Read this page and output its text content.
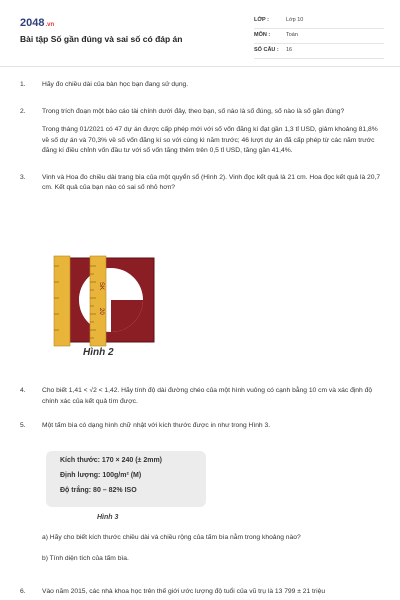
2048.vn
Bài tập Số gần đúng và sai số có đáp án
LỚP :	Lớp 10
MÔN :	Toán
SỐ CÂU : 16
1. Hãy đo chiều dài của bàn học bạn đang sử dụng.

2. Trong trích đoạn một báo cáo tài chính dưới đây, theo bạn, số nào là số đúng, số nào là số gần đúng?

Trong tháng 01/2021 có 47 dự án được cấp phép mới với số vốn đăng kí đạt gần 1,3 tỉ USD, giảm khoảng 81,8% về số dự án và 70,3% về số vốn đăng kí so với cùng kì năm trước; 46 lượt dự án đã cấp phép từ các năm trước đăng kí điều chỉnh vốn đầu tư với số vốn tăng thêm trên 0,5 tỉ USD, tăng gần 41,4%.

3. Vinh và Hoa đo chiều dài trang bìa của một quyển sổ (Hình 2). Vinh đọc kết quả là 21 cm. Hoa đọc kết quả là 20,7 cm. Kết quả của bạn nào có sai số nhỏ hơn?

SK
20
Hình 2
4. Cho biết 1,41 < √2 < 1,42. Hãy tính độ dài đường chéo của một hình vuông có cạnh bằng 10 cm và xác định độ chính xác của kết quả tìm được.

5. Một tấm bìa có dạng hình chữ nhật với kích thước được in như trong Hình 3.

Kích thước: 170 × 240 (± 2mm)
Định lượng: 100g/m² (M)
Độ trắng: 80 – 82% ISO
Hình 3

a) Hãy cho biết kích thước chiều dài và chiều rộng của tấm bìa nằm trong khoảng nào?

b) Tính diện tích của tấm bìa.

6. Vào năm 2015, các nhà khoa học trên thế giới ước lượng độ tuổi của vũ trụ là 13 799 ± 21 triệu
